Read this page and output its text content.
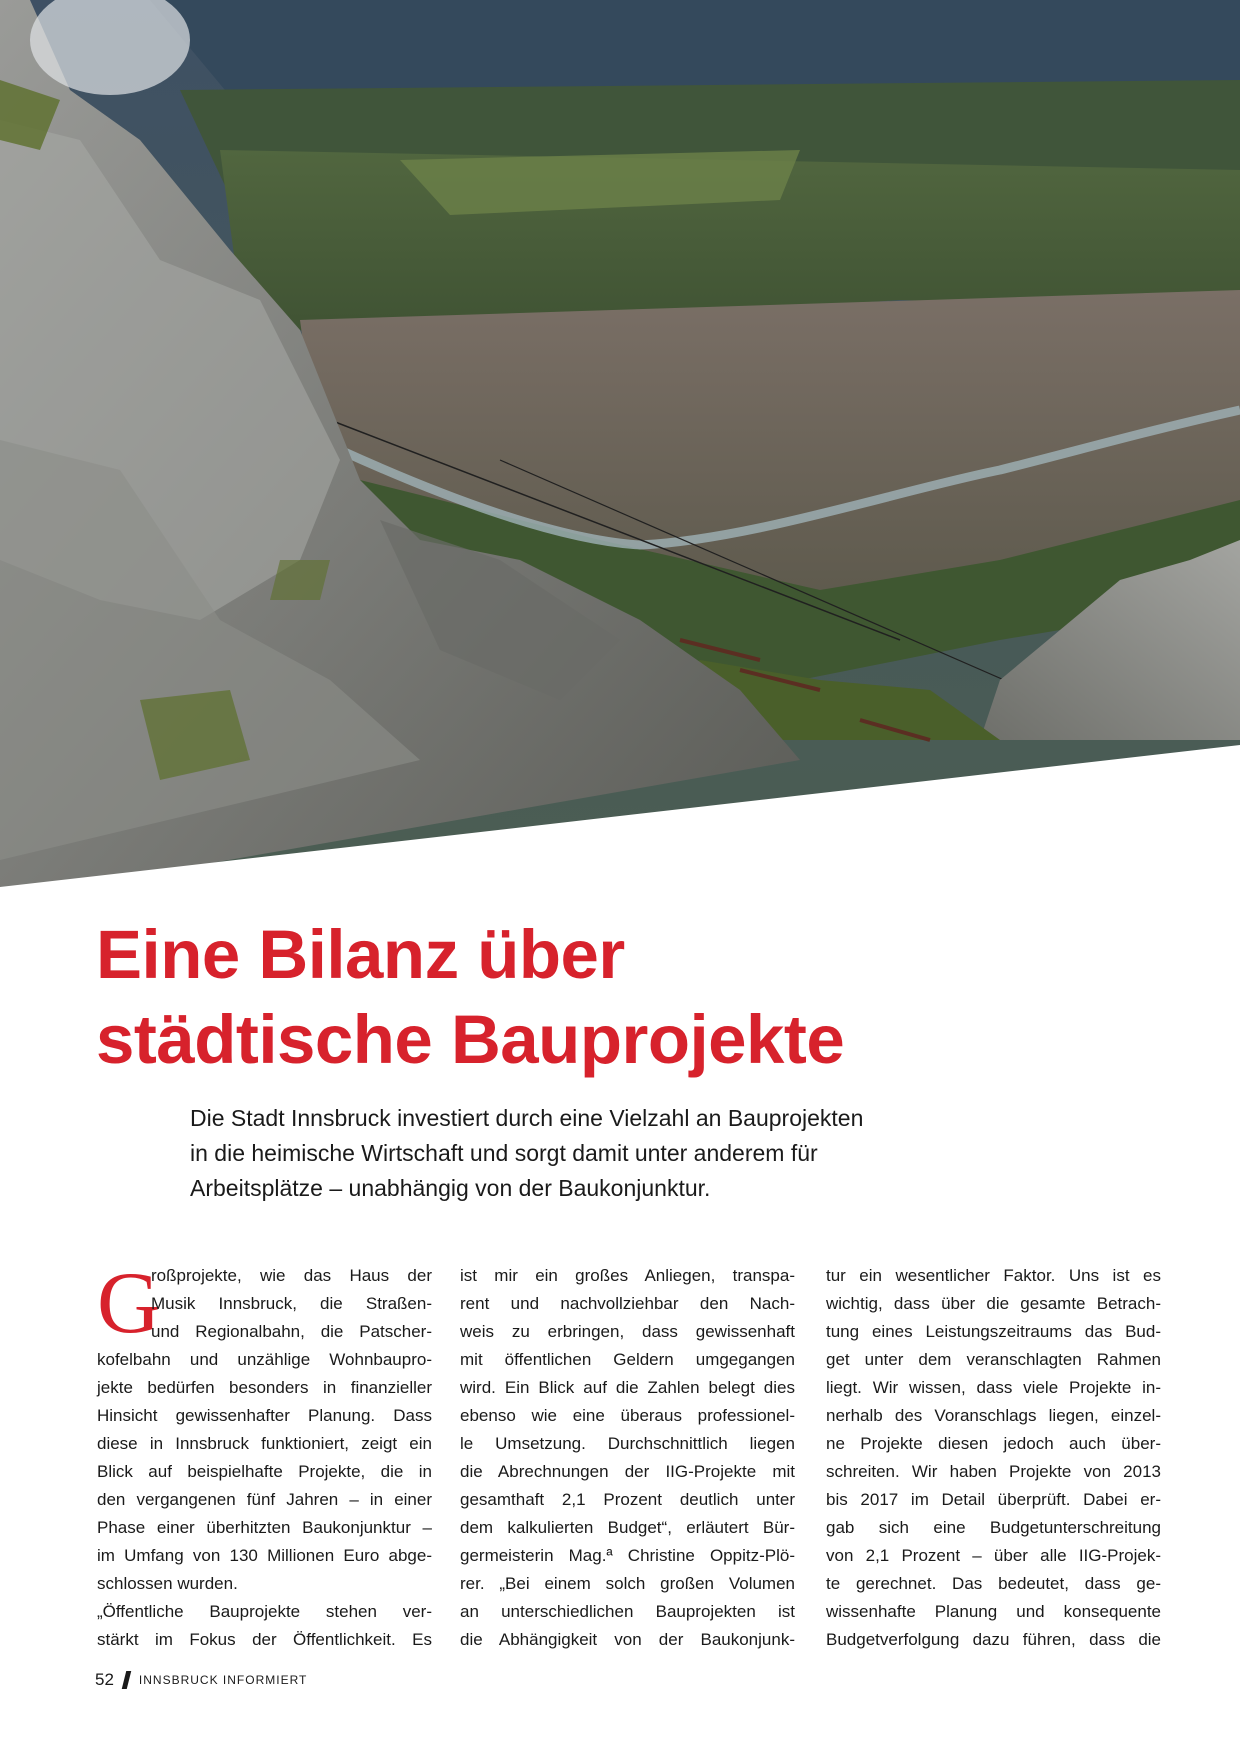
Eine Bilanz über
städtische Bauprojekte

Die Stadt Innsbruck investiert durch eine Vielzahl an Bauprojekten
in die heimische Wirtschaft und sorgt damit unter anderem für
Arbeitsplätze – unabhängig von der Baukonjunktur.

G
roßprojekte, wie das Haus der
Musik Innsbruck, die Straßen-
und Regionalbahn, die Patscher-
kofelbahn und unzählige Wohnbaupro-
jekte bedürfen besonders in finanzieller
Hinsicht gewissenhafter Planung. Dass
diese in Innsbruck funktioniert, zeigt ein
Blick auf beispielhafte Projekte, die in
den vergangenen fünf Jahren – in einer
Phase einer überhitzten Baukonjunktur –
im Umfang von 130 Millionen Euro abge-
schlossen wurden.
„Öffentliche Bauprojekte stehen ver-
stärkt im Fokus der Öffentlichkeit. Es
ist mir ein großes Anliegen, transpa-
rent und nachvollziehbar den Nach-
weis zu erbringen, dass gewissenhaft
mit öffentlichen Geldern umgegangen
wird. Ein Blick auf die Zahlen belegt dies
ebenso wie eine überaus professionel-
le Umsetzung. Durchschnittlich liegen
die Abrechnungen der IIG-Projekte mit
gesamthaft 2,1 Prozent deutlich unter
dem kalkulierten Budget“, erläutert Bür-
germeisterin Mag.ª Christine Oppitz-Plö-
rer. „Bei einem solch großen Volumen
an unterschiedlichen Bauprojekten ist
die Abhängigkeit von der Baukonjunk-
tur ein wesentlicher Faktor. Uns ist es
wichtig, dass über die gesamte Betrach-
tung eines Leistungszeitraums das Bud-
get unter dem veranschlagten Rahmen
liegt. Wir wissen, dass viele Projekte in-
nerhalb des Voranschlags liegen, einzel-
ne Projekte diesen jedoch auch über-
schreiten. Wir haben Projekte von 2013
bis 2017 im Detail überprüft. Dabei er-
gab sich eine Budgetunterschreitung
von 2,1 Prozent – über alle IIG-Projek-
te gerechnet. Das bedeutet, dass ge-
wissenhafte Planung und konsequente
Budgetverfolgung dazu führen, dass die
52 INNSBRUCK INFORMIERT
